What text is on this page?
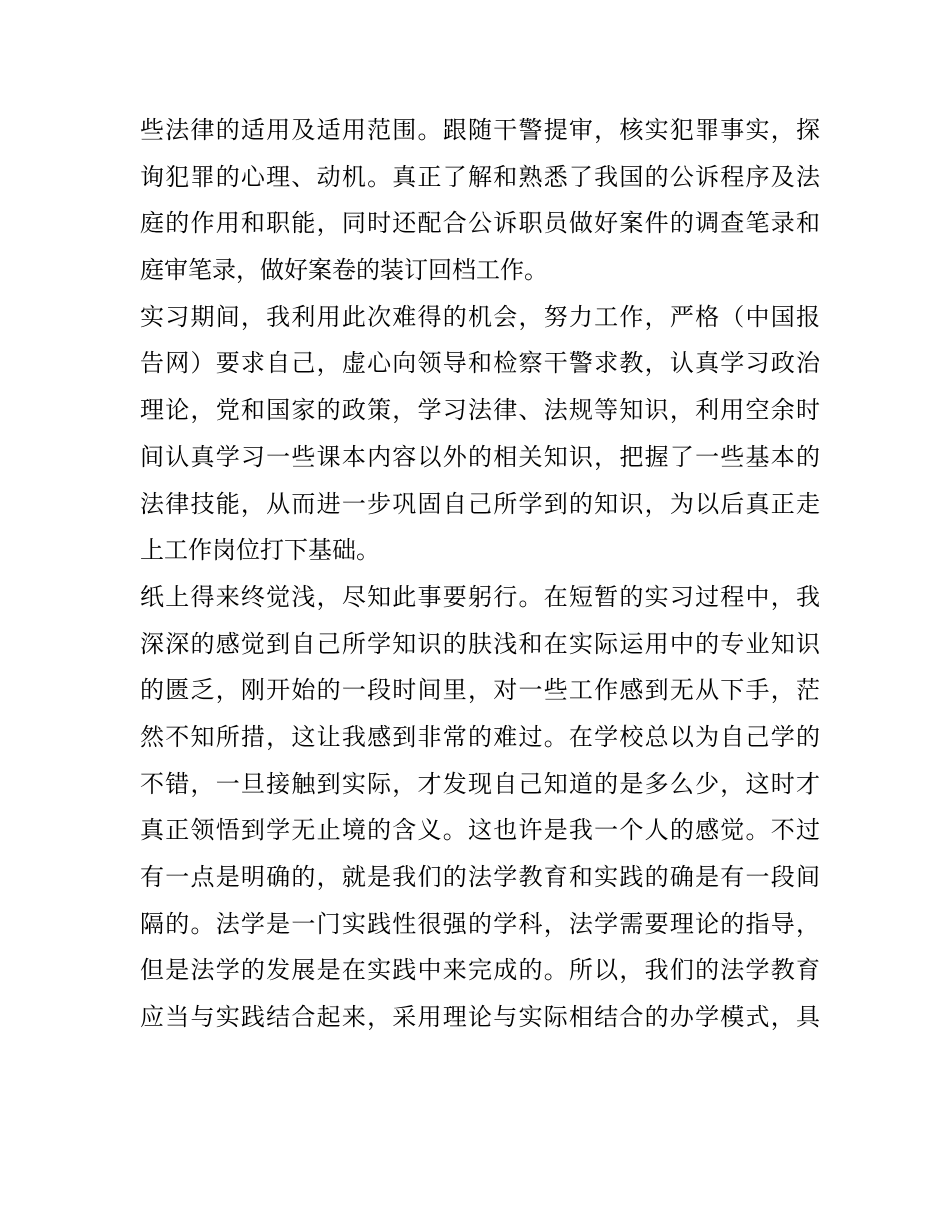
些法律的适用及适用范围。跟随干警提审，核实犯罪事实，探
询犯罪的心理、动机。真正了解和熟悉了我国的公诉程序及法
庭的作用和职能，同时还配合公诉职员做好案件的调查笔录和
庭审笔录，做好案卷的装订回档工作。
实习期间，我利用此次难得的机会，努力工作，严格（中国报
告网）要求自己，虚心向领导和检察干警求教，认真学习政治
理论，党和国家的政策，学习法律、法规等知识，利用空余时
间认真学习一些课本内容以外的相关知识，把握了一些基本的
法律技能，从而进一步巩固自己所学到的知识，为以后真正走
上工作岗位打下基础。
纸上得来终觉浅，尽知此事要躬行。在短暂的实习过程中，我
深深的感觉到自己所学知识的肤浅和在实际运用中的专业知识
的匮乏，刚开始的一段时间里，对一些工作感到无从下手，茫
然不知所措，这让我感到非常的难过。在学校总以为自己学的
不错，一旦接触到实际，才发现自己知道的是多么少，这时才
真正领悟到学无止境的含义。这也许是我一个人的感觉。不过
有一点是明确的，就是我们的法学教育和实践的确是有一段间
隔的。法学是一门实践性很强的学科，法学需要理论的指导，
但是法学的发展是在实践中来完成的。所以，我们的法学教育
应当与实践结合起来，采用理论与实际相结合的办学模式，具
